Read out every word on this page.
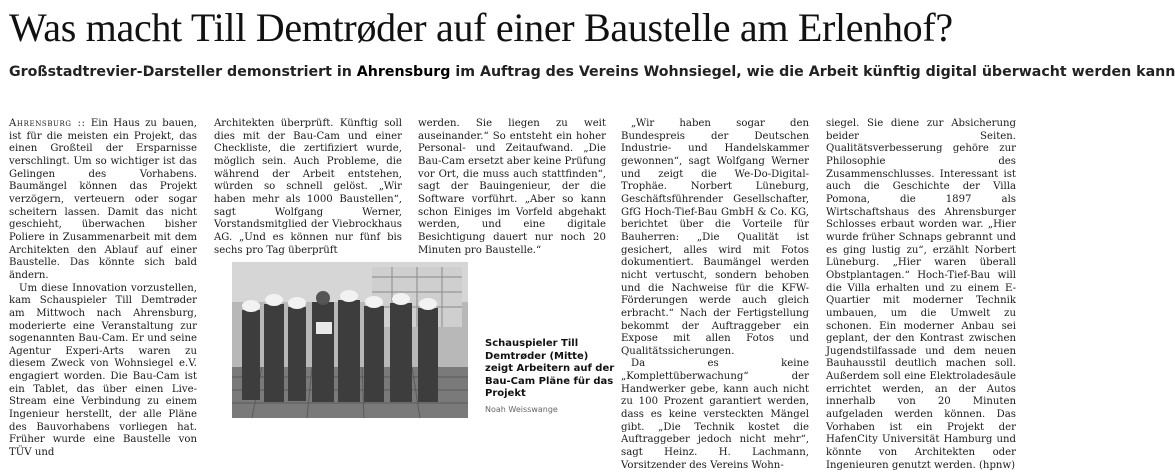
Was macht Till Demtrøder auf einer Baustelle am Erlenhof?
Großstadtrevier-Darsteller demonstriert in Ahrensburg im Auftrag des Vereins Wohnsiegel, wie die Arbeit künftig digital überwacht werden kann

Ahrensburg :: Ein Haus zu bauen, ist für die meisten ein Projekt, das einen Großteil der Ersparnisse verschlingt. Um so wichtiger ist das Gelingen des Vorhabens. Baumängel können das Projekt verzögern, verteuern oder sogar scheitern lassen. Damit das nicht geschieht, überwachen bisher Poliere in Zusammenarbeit mit dem Architekten den Ablauf auf einer Baustelle. Das könnte sich bald ändern.

Um diese Innovation vorzustellen, kam Schauspieler Till Demtrøder am Mittwoch nach Ahrensburg, moderierte eine Veranstaltung zur sogenannten Bau-Cam. Er und seine Agentur Experi-Arts waren zu diesem Zweck von Wohnsiegel e.V. engagiert worden. Die Bau-Cam ist ein Tablet, das über einen Live-Stream eine Verbindung zu einem Ingenieur herstellt, der alle Pläne des Bauvorhabens vorliegen hat. Früher wurde eine Baustelle von TÜV und

Architekten überprüft. Künftig soll dies mit der Bau-Cam und einer Checkliste, die zertifiziert wurde, möglich sein. Auch Probleme, die während der Arbeit entstehen, würden so schnell gelöst. „Wir haben mehr als 1000 Baustellen“, sagt Wolfgang Werner, Vorstandsmitglied der Viebrockhaus AG. „Und es können nur fünf bis sechs pro Tag überprüft

werden. Sie liegen zu weit auseinander.“ So entsteht ein hoher Personal- und Zeitaufwand. „Die Bau-Cam ersetzt aber keine Prüfung vor Ort, die muss auch stattfinden“, sagt der Bauingenieur, der die Software vorführt. „Aber so kann schon Einiges im Vorfeld abgehakt werden, und eine digitale Besichtigung dauert nur noch 20 Minuten pro Baustelle.“

„Wir haben sogar den Bundespreis der Deutschen Industrie- und Handelskammer gewonnen“, sagt Wolfgang Werner und zeigt die We-Do-Digital-Trophäe. Norbert Lüneburg, Geschäftsführender Gesellschafter, GfG Hoch-Tief-Bau GmbH & Co. KG, berichtet über die Vorteile für Bauherren: „Die Qualität ist gesichert, alles wird mit Fotos dokumentiert. Baumängel werden nicht vertuscht, sondern behoben und die Nachweise für die KFW-Förderungen werde auch gleich erbracht.“ Nach der Fertigstellung bekommt der Auftraggeber ein Expose mit allen Fotos und Qualitätssicherungen.

Da es keine „Komplettüberwachung“ der Handwerker gebe, kann auch nicht zu 100 Prozent garantiert werden, dass es keine versteckten Mängel gibt. „Die Technik kostet die Auftraggeber jedoch nicht mehr“, sagt Heinz. H. Lachmann, Vorsitzender des Vereins Wohn-

siegel. Sie diene zur Absicherung beider Seiten. Qualitätsverbesserung gehöre zur Philosophie des Zusammenschlusses. Interessant ist auch die Geschichte der Villa Pomona, die 1897 als Wirtschaftshaus des Ahrensburger Schlosses erbaut worden war. „Hier wurde früher Schnaps gebrannt und es ging lustig zu“, erzählt Norbert Lüneburg. „Hier waren überall Obstplantagen.“ Hoch-Tief-Bau will die Villa erhalten und zu einem E-Quartier mit moderner Technik umbauen, um die Umwelt zu schonen. Ein moderner Anbau sei geplant, der den Kontrast zwischen Jugendstilfassade und dem neuen Bauhausstil deutlich machen soll. Außerdem soll eine Elektroladesäule errichtet werden, an der Autos innerhalb von 20 Minuten aufgeladen werden können. Das Vorhaben ist ein Projekt der HafenCity Universität Hamburg und könnte von Architekten oder Ingenieuren genutzt werden. (hpnw)

Schauspieler Till Demtrøder (Mitte) zeigt Arbeitern auf der Bau-Cam Pläne für das Projekt
Noah Weisswange
